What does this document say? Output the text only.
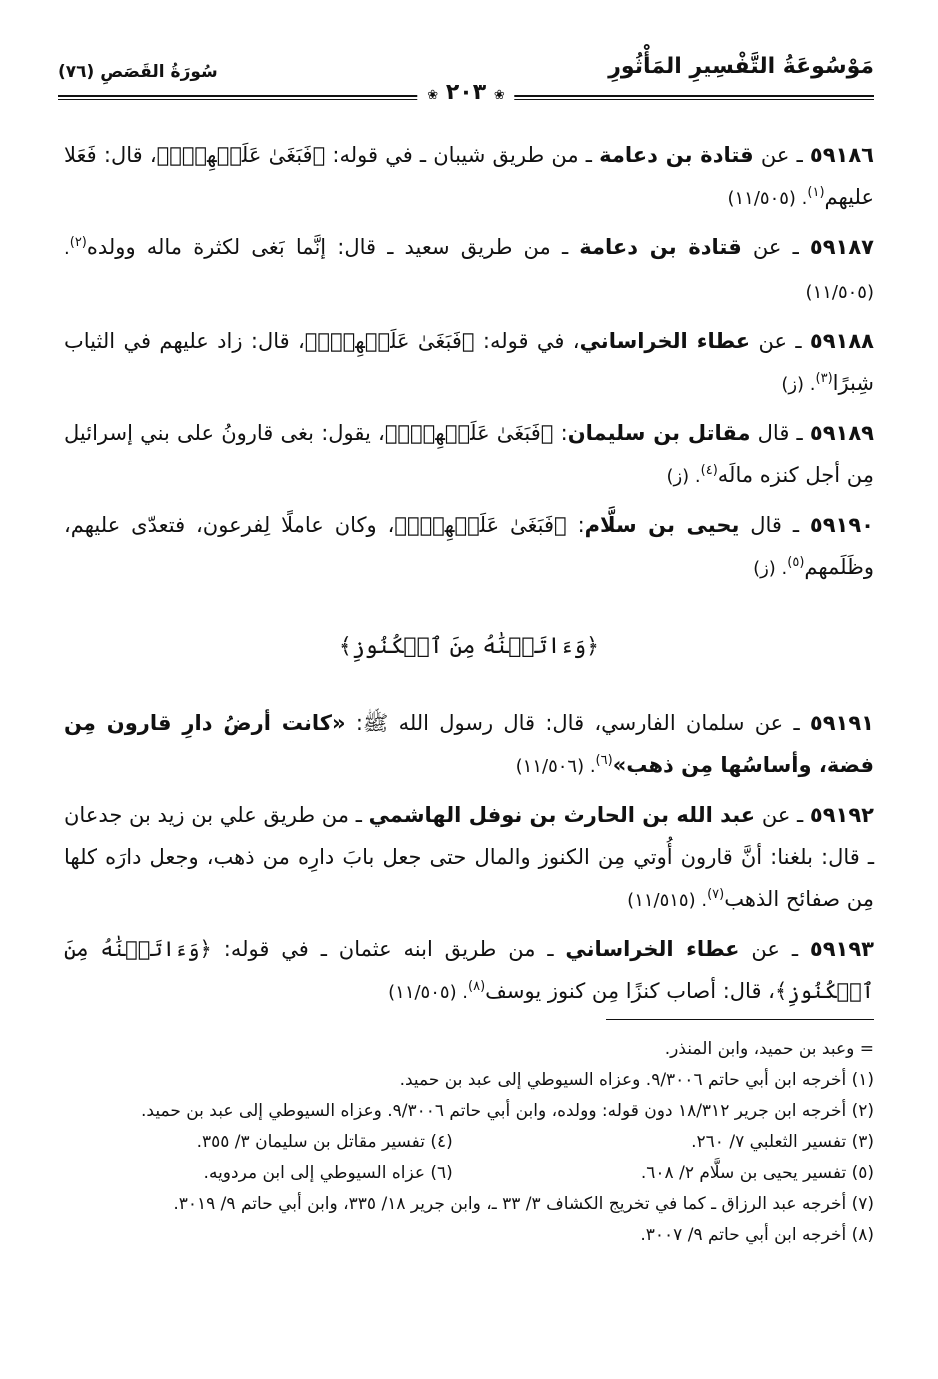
مَوْسُوعَةُ التَّفْسِيرِ المَأْثُورِ
سُورَةُ القَصَصِ (٧٦)
❀ ٢٠٣ ❀
٥٩١٨٦ ـ عن قتادة بن دعامة ـ من طريق شيبان ـ في قوله: ﴿فَبَغَىٰ عَلَيۡهِمۡۖ﴾، قال: فَعَلا عليهم$^{(١)}$. (١١/٥٠٥)
٥٩١٨٧ ـ عن قتادة بن دعامة ـ من طريق سعيد ـ قال: إنَّما بَغى لكثرة ماله وولده$^{(٢)}$. (١١/٥٠٥)
٥٩١٨٨ ـ عن عطاء الخراساني، في قوله: ﴿فَبَغَىٰ عَلَيۡهِمۡۖ﴾، قال: زاد عليهم في الثياب شِبرًا$^{(٣)}$. (ز)
٥٩١٨٩ ـ قال مقاتل بن سليمان: ﴿فَبَغَىٰ عَلَيۡهِمۡۖ﴾، يقول: بغى قارونُ على بني إسرائيل مِن أجل كنزه مالَه$^{(٤)}$. (ز)
٥٩١٩٠ ـ قال يحيى بن سلَّام: ﴿فَبَغَىٰ عَلَيۡهِمۡۖ﴾، وكان عاملًا لِفرعون، فتعدّى عليهم، وظَلَمهم$^{(٥)}$. (ز)
﴿وَءَاتَيۡنَٰهُ مِنَ ٱلۡكُنُوزِ﴾
٥٩١٩١ ـ عن سلمان الفارسي، قال: قال رسول الله ﷺ: «كانت أرضُ دارِ قارون مِن فضة، وأساسُها مِن ذهب»$^{(٦)}$. (١١/٥٠٦)
٥٩١٩٢ ـ عن عبد الله بن الحارث بن نوفل الهاشمي ـ من طريق علي بن زيد بن جدعان ـ قال: بلغنا: أنَّ قارون أُوتي مِن الكنوز والمال حتى جعل بابَ دارِه من ذهب، وجعل دارَه كلها مِن صفائح الذهب$^{(٧)}$. (١١/٥١٥)
٥٩١٩٣ ـ عن عطاء الخراساني ـ من طريق ابنه عثمان ـ في قوله: ﴿وَءَاتَيۡنَٰهُ مِنَ ٱلۡكُنُوزِ﴾، قال: أصاب كنزًا مِن كنوز يوسف$^{(٨)}$. (١١/٥٠٥)

= وعبد بن حميد، وابن المنذر.

(١) أخرجه ابن أبي حاتم ٩/٣٠٠٦. وعزاه السيوطي إلى عبد بن حميد.

(٢) أخرجه ابن جرير ١٨/٣١٢ دون قوله: وولده، وابن أبي حاتم ٩/٣٠٠٦. وعزاه السيوطي إلى عبد بن حميد.

(٣) تفسير الثعلبي ٧/ ٢٦٠.
(٤) تفسير مقاتل بن سليمان ٣/ ٣٥٥.
(٥) تفسير يحيى بن سلَّام ٢/ ٦٠٨.
(٦) عزاه السيوطي إلى ابن مردويه.

(٧) أخرجه عبد الرزاق ـ كما في تخريج الكشاف ٣/ ٣٣ ـ، وابن جرير ١٨/ ٣٣٥، وابن أبي حاتم ٩/ ٣٠١٩.

(٨) أخرجه ابن أبي حاتم ٩/ ٣٠٠٧.
